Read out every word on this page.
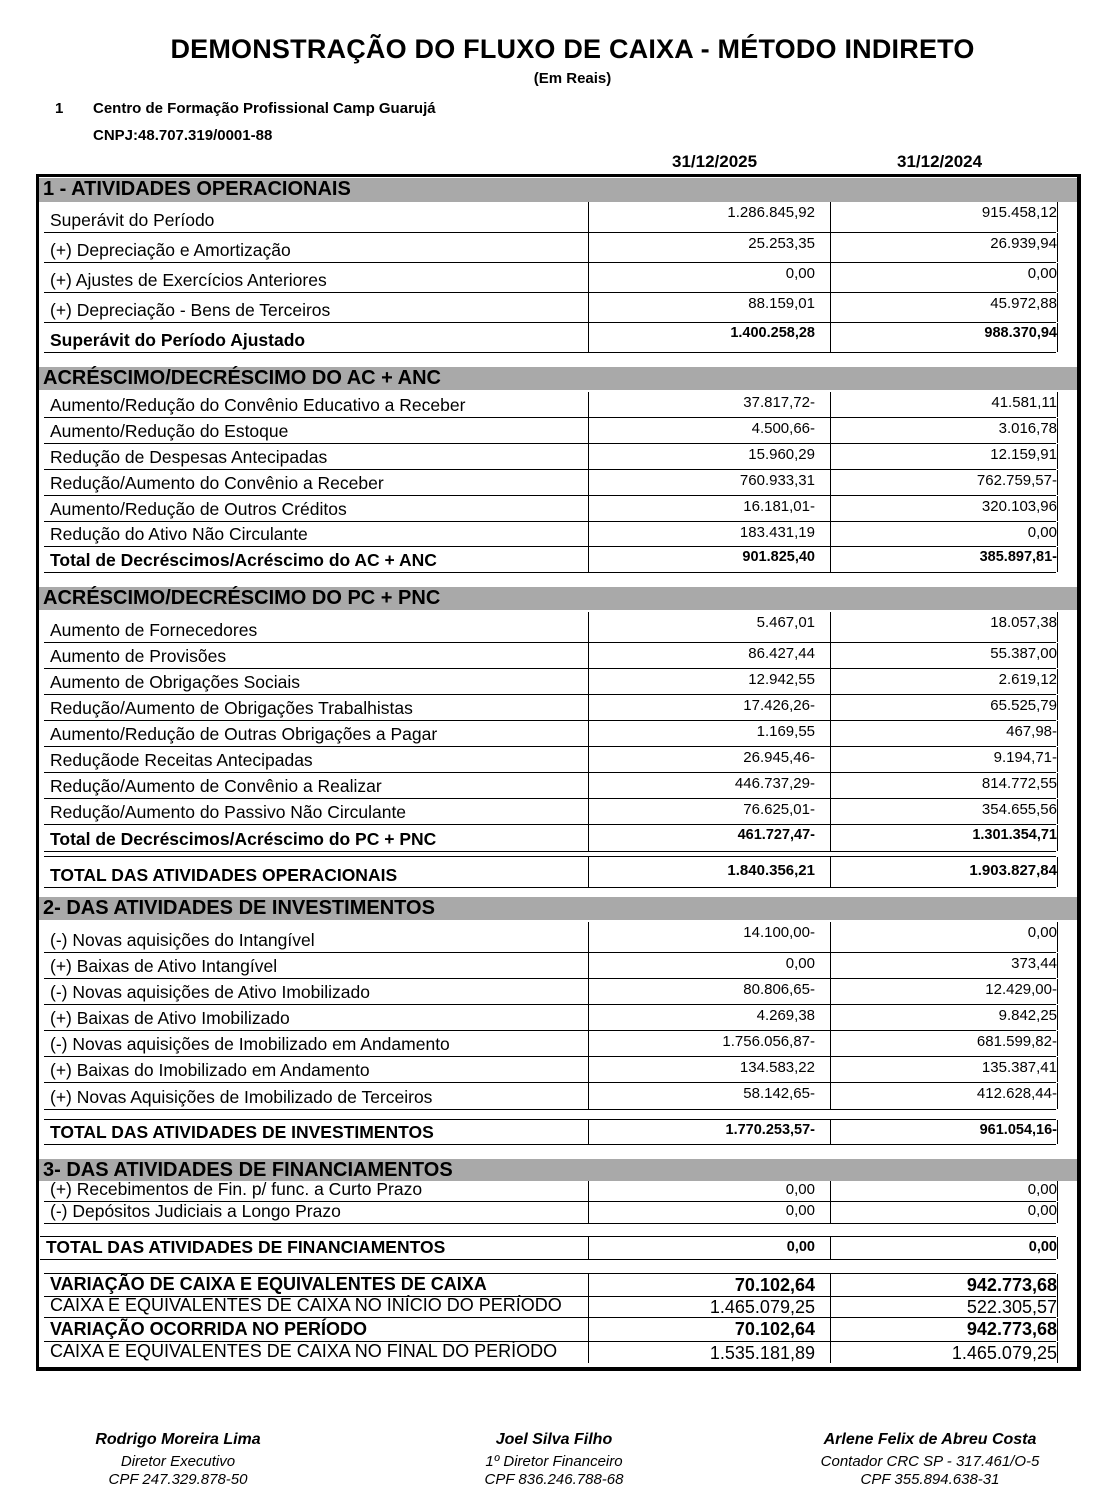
DEMONSTRAÇÃO DO FLUXO DE CAIXA - MÉTODO INDIRETO
(Em Reais)
1 Centro de Formação Profissional Camp Guarujá
CNPJ:48.707.319/0001-88
31/12/2025	31/12/2024
1 - ATIVIDADES OPERACIONAIS
Superávit do Período	1.286.845,92	915.458,12
(+) Depreciação e Amortização	25.253,35	26.939,94
(+) Ajustes de Exercícios Anteriores	0,00	0,00
(+) Depreciação - Bens de Terceiros	88.159,01	45.972,88
Superávit do Período Ajustado	1.400.258,28	988.370,94
ACRÉSCIMO/DECRÉSCIMO DO AC + ANC
Aumento/Redução do Convênio Educativo a Receber	37.817,72-	41.581,11
Aumento/Redução do Estoque	4.500,66-	3.016,78
Redução de Despesas Antecipadas	15.960,29	12.159,91
Redução/Aumento do Convênio a Receber	760.933,31	762.759,57-
Aumento/Redução de Outros Créditos	16.181,01-	320.103,96
Redução do Ativo Não Circulante	183.431,19	0,00
Total de Decréscimos/Acréscimo do AC + ANC	901.825,40	385.897,81-
ACRÉSCIMO/DECRÉSCIMO DO PC + PNC
Aumento de Fornecedores	5.467,01	18.057,38
Aumento de Provisões	86.427,44	55.387,00
Aumento de Obrigações Sociais	12.942,55	2.619,12
Redução/Aumento de Obrigações Trabalhistas	17.426,26-	65.525,79
Aumento/Redução de Outras Obrigações a Pagar	1.169,55	467,98-
Reduçãode Receitas Antecipadas	26.945,46-	9.194,71-
Redução/Aumento de Convênio a Realizar	446.737,29-	814.772,55
Redução/Aumento do Passivo Não Circulante	76.625,01-	354.655,56
Total de Decréscimos/Acréscimo do PC + PNC	461.727,47-	1.301.354,71
TOTAL DAS ATIVIDADES OPERACIONAIS	1.840.356,21	1.903.827,84
2- DAS ATIVIDADES DE INVESTIMENTOS
(-) Novas aquisições do Intangível	14.100,00-	0,00
(+) Baixas de Ativo Intangível	0,00	373,44
(-) Novas aquisições de Ativo Imobilizado	80.806,65-	12.429,00-
(+) Baixas de Ativo Imobilizado	4.269,38	9.842,25
(-) Novas aquisições de Imobilizado em Andamento	1.756.056,87-	681.599,82-
(+) Baixas do Imobilizado em Andamento	134.583,22	135.387,41
(+) Novas Aquisições de Imobilizado de Terceiros	58.142,65-	412.628,44-
TOTAL DAS ATIVIDADES DE INVESTIMENTOS	1.770.253,57-	961.054,16-
3- DAS ATIVIDADES DE FINANCIAMENTOS
(+) Recebimentos de Fin. p/ func. a Curto Prazo	0,00	0,00
(-) Depósitos Judiciais a Longo Prazo	0,00	0,00
TOTAL DAS ATIVIDADES DE FINANCIAMENTOS	0,00	0,00
VARIAÇÃO DE CAIXA E EQUIVALENTES DE CAIXA	70.102,64	942.773,68
CAIXA E EQUIVALENTES DE CAIXA NO INÍCIO DO PERÍODO	1.465.079,25	522.305,57
VARIAÇÃO OCORRIDA NO PERÍODO	70.102,64	942.773,68
CAIXA E EQUIVALENTES DE CAIXA NO FINAL DO PERÍODO	1.535.181,89	1.465.079,25
Rodrigo Moreira Lima
Diretor Executivo
CPF 247.329.878-50
Joel Silva Filho
1º Diretor Financeiro
CPF 836.246.788-68
Arlene Felix de Abreu Costa
Contador CRC SP - 317.461/O-5
CPF 355.894.638-31
